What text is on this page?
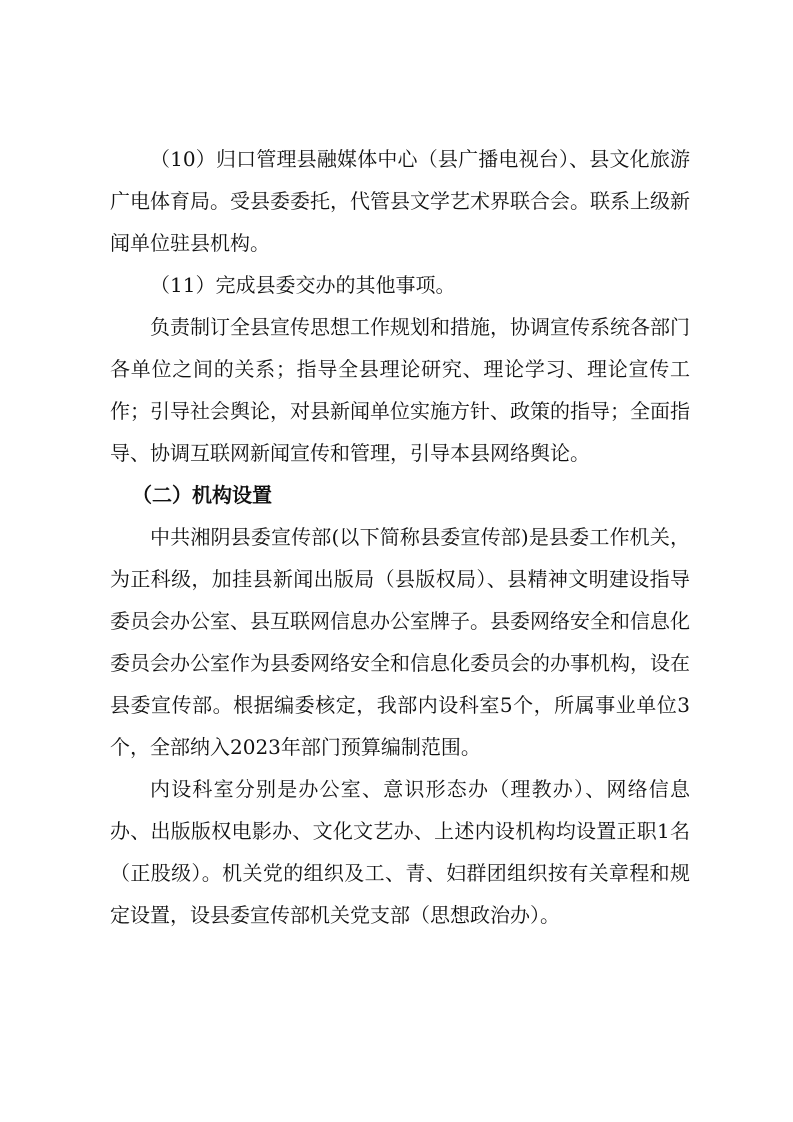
（10）归口管理县融媒体中心（县广播电视台）、县文化旅游广电体育局。受县委委托，代管县文学艺术界联合会。联系上级新闻单位驻县机构。

（11）完成县委交办的其他事项。

负责制订全县宣传思想工作规划和措施，协调宣传系统各部门各单位之间的关系；指导全县理论研究、理论学习、理论宣传工作；引导社会舆论，对县新闻单位实施方针、政策的指导；全面指导、协调互联网新闻宣传和管理，引导本县网络舆论。

（二）机构设置

中共湘阴县委宣传部(以下简称县委宣传部)是县委工作机关，为正科级，加挂县新闻出版局（县版权局）、县精神文明建设指导委员会办公室、县互联网信息办公室牌子。县委网络安全和信息化委员会办公室作为县委网络安全和信息化委员会的办事机构，设在县委宣传部。根据编委核定，我部内设科室5个，所属事业单位3个，全部纳入2023年部门预算编制范围。

内设科室分别是办公室、意识形态办（理教办）、网络信息办、出版版权电影办、文化文艺办、上述内设机构均设置正职1名（正股级）。机关党的组织及工、青、妇群团组织按有关章程和规定设置，设县委宣传部机关党支部（思想政治办）。
